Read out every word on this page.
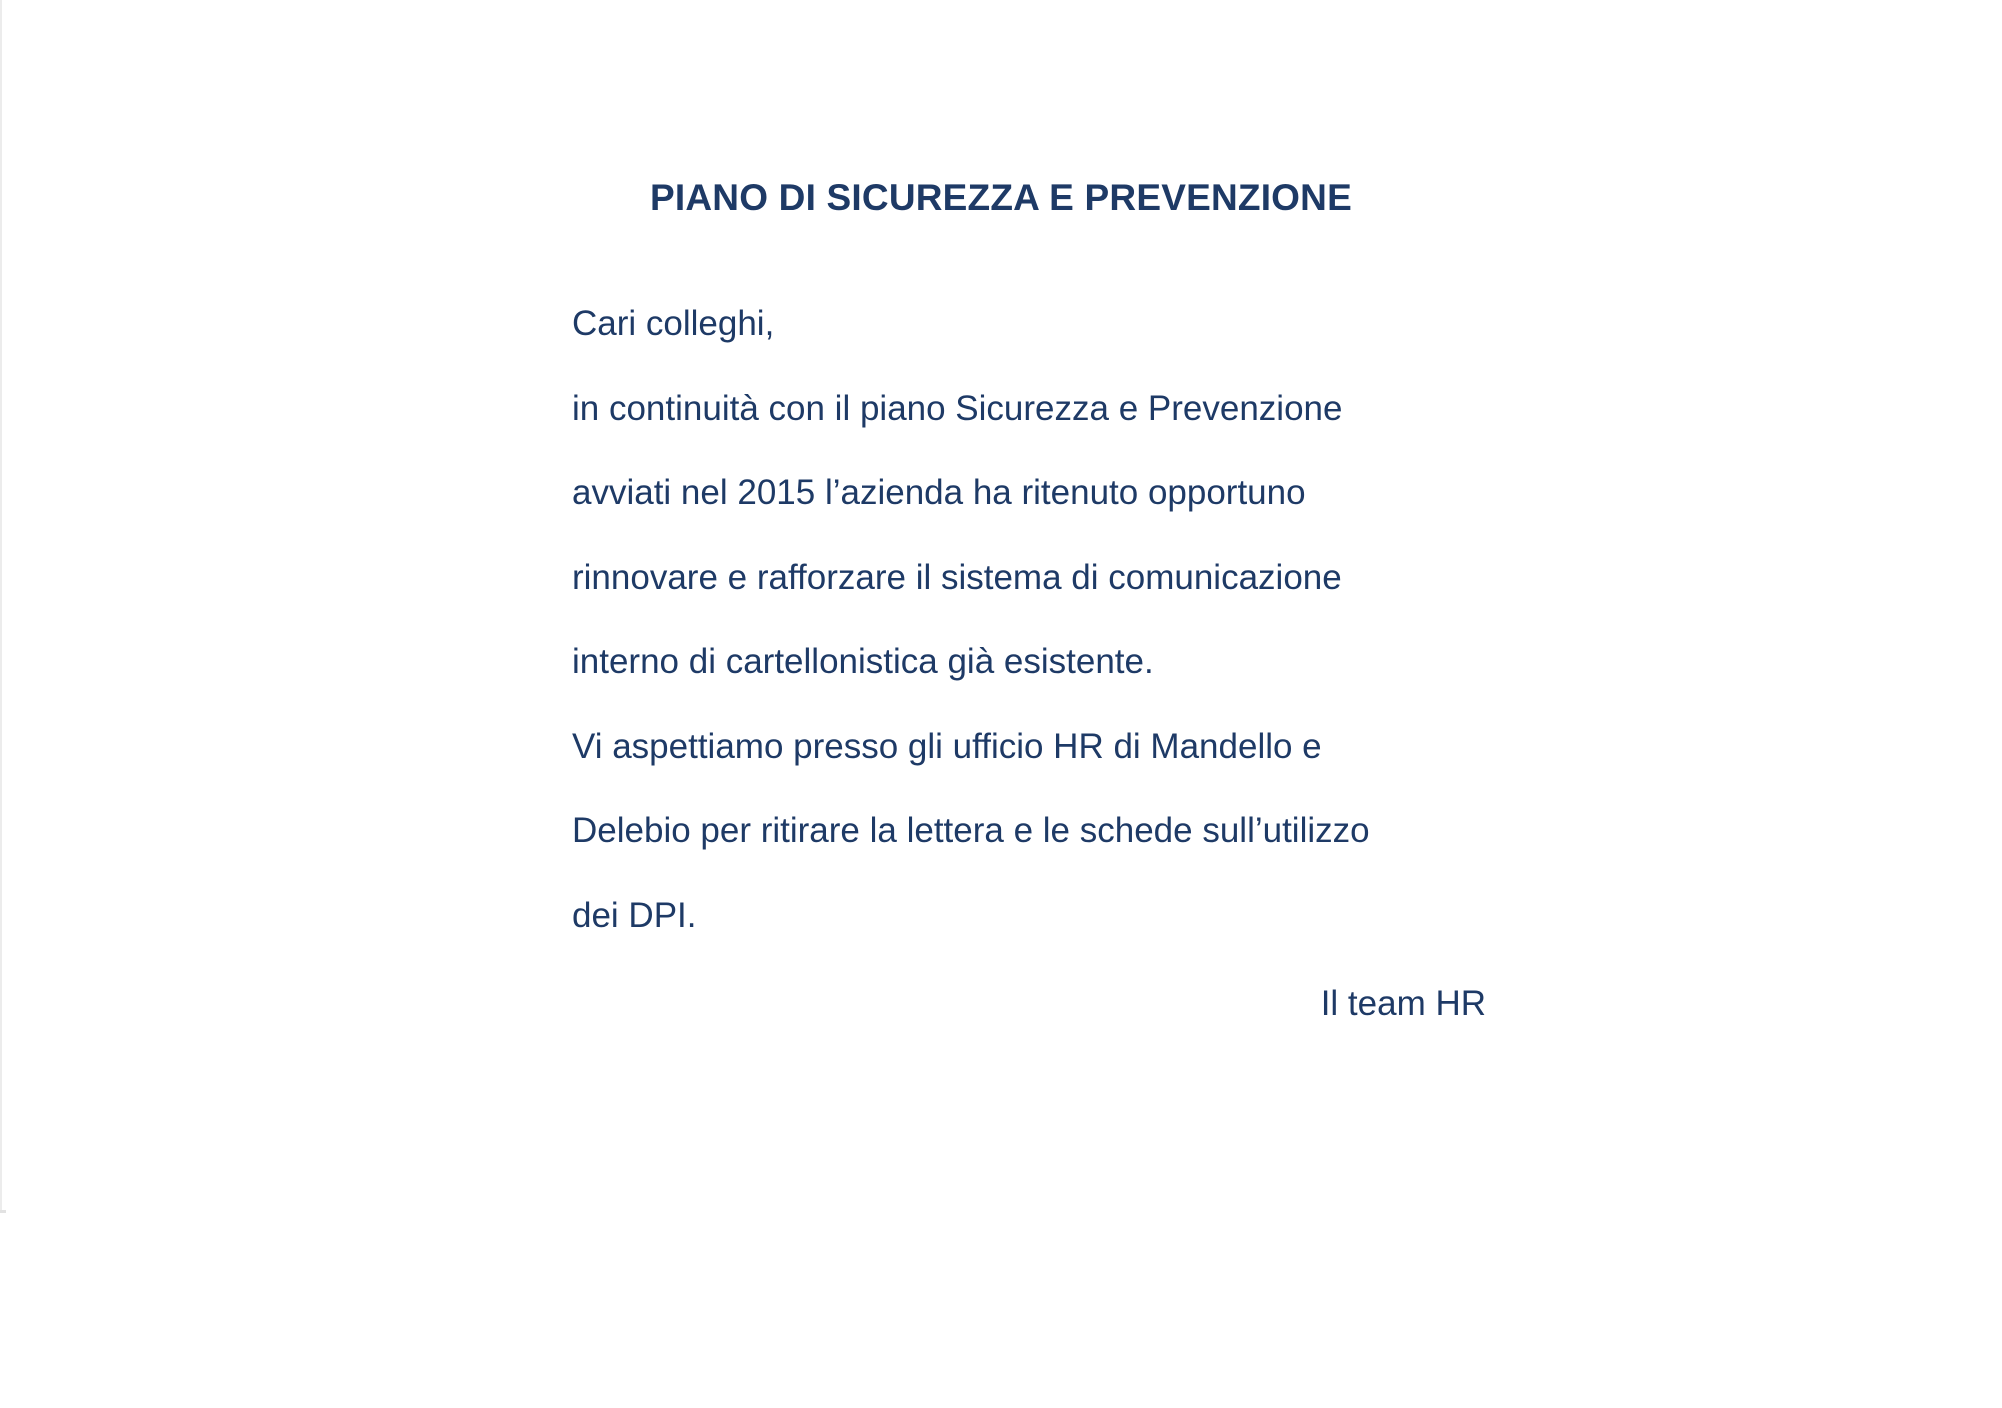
PIANO DI SICUREZZA E PREVENZIONE
Cari colleghi,
in continuità con il piano Sicurezza e Prevenzione
avviati nel 2015 l’azienda ha ritenuto opportuno
rinnovare e rafforzare il sistema di comunicazione
interno di cartellonistica già esistente.
Vi aspettiamo presso gli ufficio HR di Mandello e
Delebio per ritirare la lettera e le schede sull’utilizzo
dei DPI.
Il team HR
